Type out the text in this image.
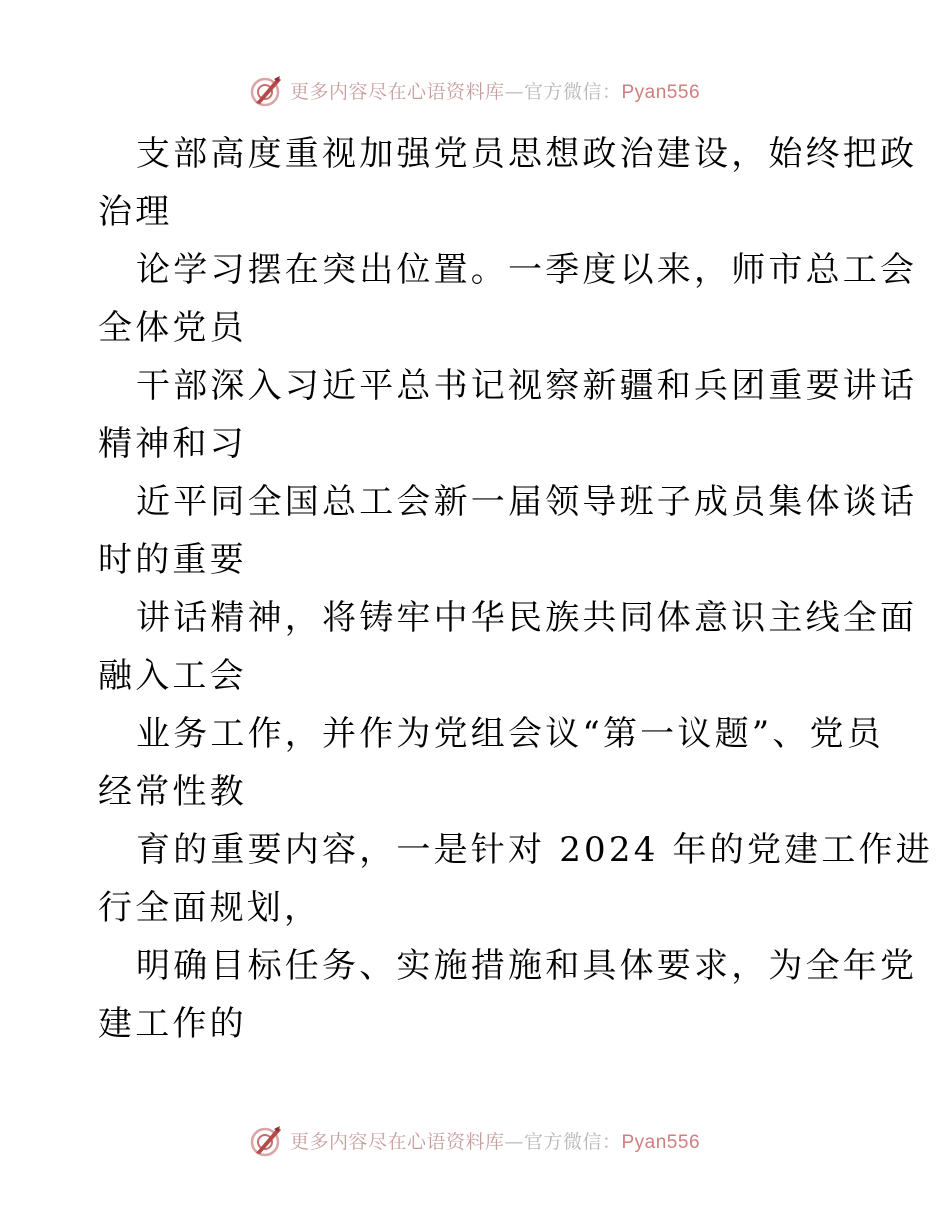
更多内容尽在心语资料库—官方微信：Pyan556
支部高度重视加强党员思想政治建设，始终把政
治理
论学习摆在突出位置。一季度以来，师市总工会
全体党员
干部深入习近平总书记视察新疆和兵团重要讲话
精神和习
近平同全国总工会新一届领导班子成员集体谈话
时的重要
讲话精神，将铸牢中华民族共同体意识主线全面
融入工会
业务工作，并作为党组会议“第一议题”、党员
经常性教
育的重要内容，一是针对 2024 年的党建工作进
行全面规划，
明确目标任务、实施措施和具体要求，为全年党
建工作的
更多内容尽在心语资料库—官方微信：Pyan556
